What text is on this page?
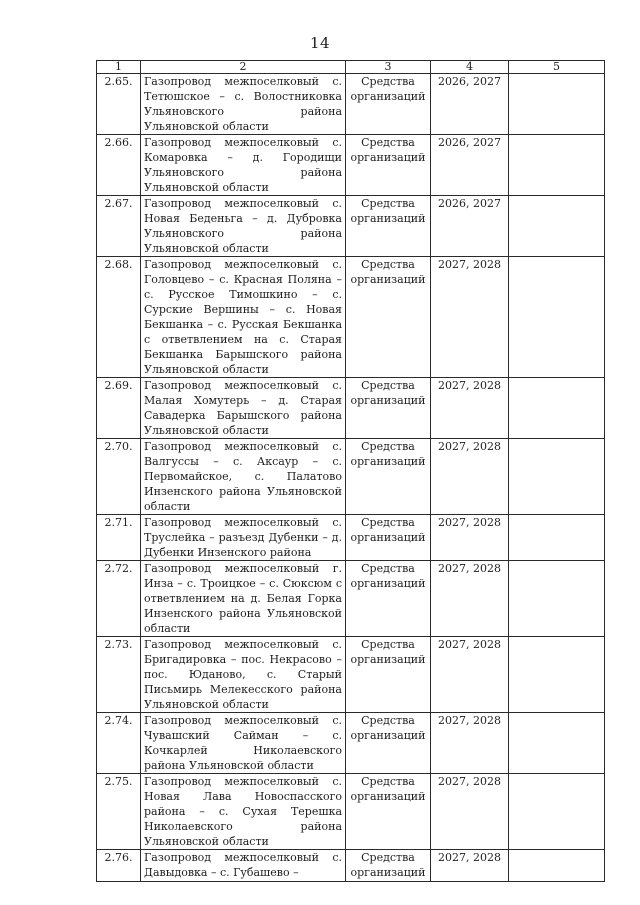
14
1	2	3	4	5
2.65.	Газопровод межпоселковый с. Тетюшское – с. Волостниковка Ульяновского района Ульяновской области	Средства организаций	2026, 2027	
2.66.	Газопровод межпоселковый с. Комаровка – д. Городищи Ульяновского района Ульяновской области	Средства организаций	2026, 2027	
2.67.	Газопровод межпоселковый с. Новая Беденьга – д. Дубровка Ульяновского района Ульяновской области	Средства организаций	2026, 2027	
2.68.	Газопровод межпоселковый с. Головцево – с. Красная Поляна – с. Русское Тимошкино – с. Сурские Вершины – с. Новая Бекшанка – с. Русская Бекшанка с ответвлением на с. Старая Бекшанка Барышского района Ульяновской области	Средства организаций	2027, 2028	
2.69.	Газопровод межпоселковый с. Малая Хомутерь – д. Старая Савадерка Барышского района Ульяновской области	Средства организаций	2027, 2028	
2.70.	Газопровод межпоселковый с. Валгуссы – с. Аксаур – с. Первомайское, с. Палатово Инзенского района Ульяновской области	Средства организаций	2027, 2028	
2.71.	Газопровод межпоселковый с. Труслейка – разъезд Дубенки – д. Дубенки Инзенского района	Средства организаций	2027, 2028	
2.72.	Газопровод межпоселковый г. Инза – с. Троицкое – с. Сюксюм с ответвлением на д. Белая Горка Инзенского района Ульяновской области	Средства организаций	2027, 2028	
2.73.	Газопровод межпоселковый с. Бригадировка – пос. Некрасово – пос. Юданово, с. Старый Письмирь Мелекесского района Ульяновской области	Средства организаций	2027, 2028	
2.74.	Газопровод межпоселковый с. Чувашский Сайман – с. Кочкарлей Николаевского района Ульяновской области	Средства организаций	2027, 2028	
2.75.	Газопровод межпоселковый с. Новая Лава Новоспасского района – с. Сухая Терешка Николаевского района Ульяновской области	Средства организаций	2027, 2028	
2.76.	Газопровод межпоселковый с. Давыдовка – с. Губашево –	Средства организаций	2027, 2028	
